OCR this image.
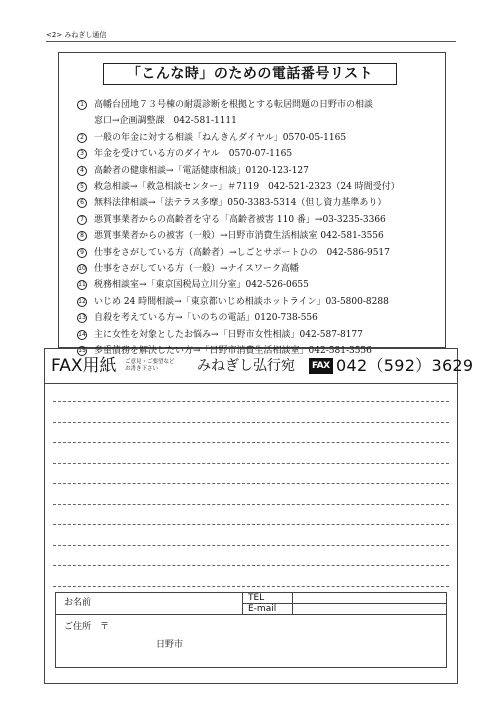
<2> みねぎし通信
「こんな時」のための電話番号リスト
1	高幡台団地７３号棟の耐震診断を根拠とする転居問題の日野市の相談
窓口→企画調整課　042-581-1111
2	一般の年金に対する相談「ねんきんダイヤル」0570-05-1165
3	年金を受けている方のダイヤル　0570-07-1165
4	高齢者の健康相談→「電話健康相談」0120-123-127
5	救急相談→「救急相談センター」＃7119　042-521-2323（24 時間受付）
6	無料法律相談→「法テラス多摩」050-3383-5314（但し資力基準あり）
7	悪質事業者からの高齢者を守る「高齢者被害 110 番」→03-3235-3366
8	悪質事業者からの被害（一般）→日野市消費生活相談室 042-581-3556
9	仕事をさがしている方（高齢者）→しごとサポートひの　042-586-9517
10 仕事をさがしている方（一般）→ナイスワーク高幡
11 税務相談室→「東京国税局立川分室」042-526-0655
12 いじめ 24 時間相談→「東京都いじめ相談ホットライン」03-5800-8288
13 自殺を考えている方→「いのちの電話」0120-738-556
14 主に女性を対象としたお悩み→「日野市女性相談」042-587-8177
15 多重債務を解決したい方→「日野市消費生活相談室」042-581-3556
FAX用紙 ご意見・ご要望など
お書き下さい	みねぎし弘行宛	FAX 042（592）3629
お名前	TEL
E-mail
ご住所　〒
日野市
